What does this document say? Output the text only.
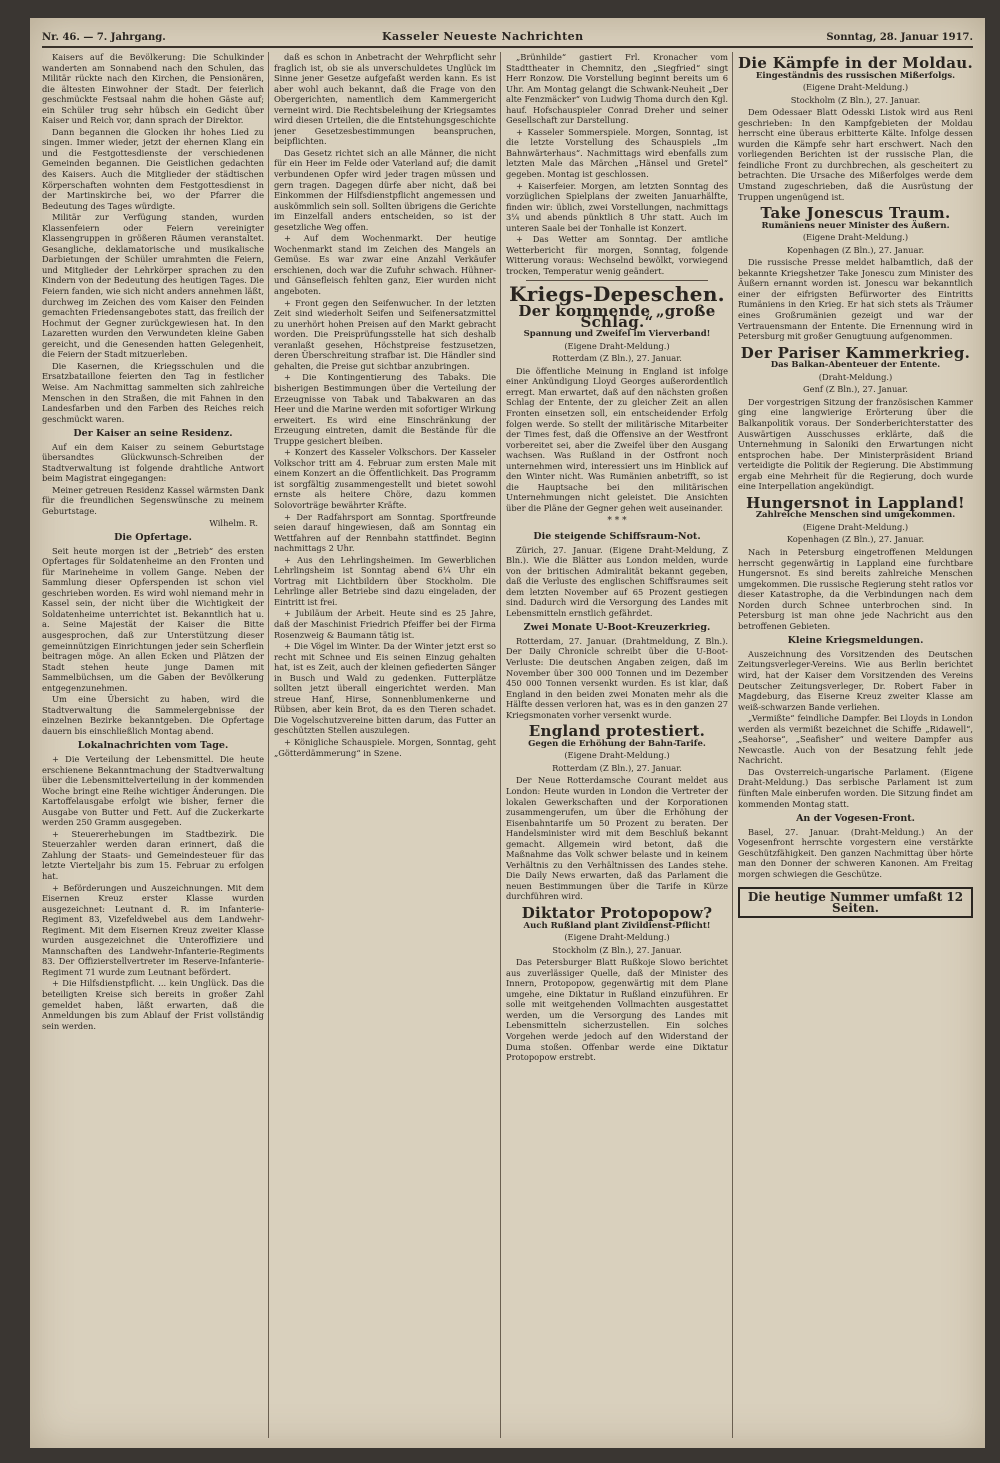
Nr. 46. — 7. Jahrgang.	Kasseler Neueste Nachrichten	Sonntag, 28. Januar 1917.

Kaisers auf die Bevölkerung: Die Schulkinder wanderten am Sonnabend nach den Schulen, das Militär rückte nach den Kirchen, die Pensionären, die ältesten Einwohner der Stadt. Der feierlich geschmückte Festsaal nahm die hohen Gäste auf; ein Schüler trug sehr hübsch ein Gedicht über Kaiser und Reich vor, dann sprach der Direktor.

Dann begannen die Glocken ihr hohes Lied zu singen. Immer wieder, jetzt der ehernen Klang ein und die Festgottesdienste der verschiedenen Gemeinden begannen. Die Geistlichen gedachten des Kaisers. Auch die Mitglieder der städtischen Körperschaften wohnten dem Festgottesdienst in der Martinskirche bei, wo der Pfarrer die Bedeutung des Tages würdigte.

Militär zur Verfügung standen, wurden Klassenfeiern oder Feiern vereinigter Klassengruppen in größeren Räumen veranstaltet. Gesangliche, deklamatorische und musikalische Darbietungen der Schüler umrahmten die Feiern, und Mitglieder der Lehrkörper sprachen zu den Kindern von der Bedeutung des heutigen Tages. Die Feiern fanden, wie sich nicht anders annehmen läßt, durchweg im Zeichen des vom Kaiser den Feinden gemachten Friedensangebotes statt, das freilich der Hochmut der Gegner zurückgewiesen hat. In den Lazaretten wurden den Verwundeten kleine Gaben gereicht, und die Genesenden hatten Gelegenheit, die Feiern der Stadt mitzuerleben.

Die Kasernen, die Kriegsschulen und die Ersatzbataillone feierten den Tag in festlicher Weise. Am Nachmittag sammelten sich zahlreiche Menschen in den Straßen, die mit Fahnen in den Landesfarben und den Farben des Reiches reich geschmückt waren.

Der Kaiser an seine Residenz.

Auf ein dem Kaiser zu seinem Geburtstage übersandtes Glückwunsch-Schreiben der Stadtverwaltung ist folgende drahtliche Antwort beim Magistrat eingegangen:

Meiner getreuen Residenz Kassel wärmsten Dank für die freundlichen Segenswünsche zu meinem Geburtstage.

Wilhelm. R.
Die Opfertage.

Seit heute morgen ist der „Betrieb“ des ersten Opfertages für Soldatenheime an den Fronten und für Marineheime in vollem Gange. Neben der Sammlung dieser Opferspenden ist schon viel geschrieben worden. Es wird wohl niemand mehr in Kassel sein, der nicht über die Wichtigkeit der Soldatenheime unterrichtet ist. Bekanntlich hat u. a. Seine Majestät der Kaiser die Bitte ausgesprochen, daß zur Unterstützung dieser gemeinnützigen Einrichtungen jeder sein Scherflein beitragen möge. An allen Ecken und Plätzen der Stadt stehen heute junge Damen mit Sammelbüchsen, um die Gaben der Bevölkerung entgegenzunehmen.

Um eine Übersicht zu haben, wird die Stadtverwaltung die Sammelergebnisse der einzelnen Bezirke bekanntgeben. Die Opfertage dauern bis einschließlich Montag abend.

Lokalnachrichten vom Tage.

+ Die Verteilung der Lebensmittel. Die heute erschienene Bekanntmachung der Stadtverwaltung über die Lebensmittelverteilung in der kommenden Woche bringt eine Reihe wichtiger Änderungen. Die Kartoffelausgabe erfolgt wie bisher, ferner die Ausgabe von Butter und Fett. Auf die Zuckerkarte werden 250 Gramm ausgegeben.

+ Steuererhebungen im Stadtbezirk. Die Steuerzahler werden daran erinnert, daß die Zahlung der Staats- und Gemeindesteuer für das letzte Vierteljahr bis zum 15. Februar zu erfolgen hat.

+ Beförderungen und Auszeichnungen. Mit dem Eisernen Kreuz erster Klasse wurden ausgezeichnet: Leutnant d. R. im Infanterie-Regiment 83, Vizefeldwebel aus dem Landwehr-Regiment. Mit dem Eisernen Kreuz zweiter Klasse wurden ausgezeichnet die Unteroffiziere und Mannschaften des Landwehr-Infanterie-Regiments 83. Der Offizierstellvertreter im Reserve-Infanterie-Regiment 71 wurde zum Leutnant befördert.

+ Die Hilfsdienstpflicht. ... kein Unglück. Das die beteiligten Kreise sich bereits in großer Zahl gemeldet haben, läßt erwarten, daß die Anmeldungen bis zum Ablauf der Frist vollständig sein werden.

daß es schon in Anbetracht der Wehrpflicht sehr fraglich ist, ob sie als unverschuldetes Unglück im Sinne jener Gesetze aufgefaßt werden kann. Es ist aber wohl auch bekannt, daß die Frage von den Obergerichten, namentlich dem Kammergericht verneint wird. Die Rechtsbeleihung der Kriegsamtes wird diesen Urteilen, die die Entstehungsgeschichte jener Gesetzesbestimmungen beanspruchen, beipflichten.

Das Gesetz richtet sich an alle Männer, die nicht für ein Heer im Felde oder Vaterland auf; die damit verbundenen Opfer wird jeder tragen müssen und gern tragen. Dagegen dürfe aber nicht, daß bei Einkommen der Hilfsdienstpflicht angemessen und auskömmlich sein soll. Sollten übrigens die Gerichte im Einzelfall anders entscheiden, so ist der gesetzliche Weg offen.

+ Auf dem Wochenmarkt. Der heutige Wochenmarkt stand im Zeichen des Mangels an Gemüse. Es war zwar eine Anzahl Verkäufer erschienen, doch war die Zufuhr schwach. Hühner- und Gänsefleisch fehlten ganz, Eier wurden nicht angeboten.

+ Front gegen den Seifenwucher. In der letzten Zeit sind wiederholt Seifen und Seifenersatzmittel zu unerhört hohen Preisen auf den Markt gebracht worden. Die Preisprüfungsstelle hat sich deshalb veranlaßt gesehen, Höchstpreise festzusetzen, deren Überschreitung strafbar ist. Die Händler sind gehalten, die Preise gut sichtbar anzubringen.

+ Die Kontingentierung des Tabaks. Die bisherigen Bestimmungen über die Verteilung der Erzeugnisse von Tabak und Tabakwaren an das Heer und die Marine werden mit sofortiger Wirkung erweitert. Es wird eine Einschränkung der Erzeugung eintreten, damit die Bestände für die Truppe gesichert bleiben.

+ Konzert des Kasseler Volkschors. Der Kasseler Volkschor tritt am 4. Februar zum ersten Male mit einem Konzert an die Öffentlichkeit. Das Programm ist sorgfältig zusammengestellt und bietet sowohl ernste als heitere Chöre, dazu kommen Solovorträge bewährter Kräfte.

+ Der Radfahrsport am Sonntag. Sportfreunde seien darauf hingewiesen, daß am Sonntag ein Wettfahren auf der Rennbahn stattfindet. Beginn nachmittags 2 Uhr.

+ Aus den Lehrlingsheimen. Im Gewerblichen Lehrlingsheim ist Sonntag abend 6¼ Uhr ein Vortrag mit Lichtbildern über Stockholm. Die Lehrlinge aller Betriebe sind dazu eingeladen, der Eintritt ist frei.

+ Jubiläum der Arbeit. Heute sind es 25 Jahre, daß der Maschinist Friedrich Pfeiffer bei der Firma Rosenzweig & Baumann tätig ist.

+ Die Vögel im Winter. Da der Winter jetzt erst so recht mit Schnee und Eis seinen Einzug gehalten hat, ist es Zeit, auch der kleinen gefiederten Sänger in Busch und Wald zu gedenken. Futterplätze sollten jetzt überall eingerichtet werden. Man streue Hanf, Hirse, Sonnenblumenkerne und Rübsen, aber kein Brot, da es den Tieren schadet. Die Vogelschutzvereine bitten darum, das Futter an geschützten Stellen auszulegen.

+ Königliche Schauspiele. Morgen, Sonntag, geht „Götterdämmerung“ in Szene.

„Brünhilde“ gastiert Frl. Kronacher vom Stadttheater in Chemnitz, den „Siegfried“ singt Herr Ronzow. Die Vorstellung beginnt bereits um 6 Uhr. Am Montag gelangt die Schwank-Neuheit „Der alte Fenzmäcker“ von Ludwig Thoma durch den Kgl. hauf. Hofschauspieler Conrad Dreher und seiner Gesellschaft zur Darstellung.

+ Kasseler Sommerspiele. Morgen, Sonntag, ist die letzte Vorstellung des Schauspiels „Im Bahnwärterhaus“. Nachmittags wird ebenfalls zum letzten Male das Märchen „Hänsel und Gretel“ gegeben. Montag ist geschlossen.

+ Kaiserfeier. Morgen, am letzten Sonntag des vorzüglichen Spielplans der zweiten Januarhälfte, finden wir: üblich, zwei Vorstellungen, nachmittags 3¼ und abends pünktlich 8 Uhr statt. Auch im unteren Saale bei der Tonhalle ist Konzert.

+ Das Wetter am Sonntag. Der amtliche Wetterbericht für morgen, Sonntag, folgende Witterung voraus: Wechselnd bewölkt, vorwiegend trocken, Temperatur wenig geändert.

Kriegs-Depeschen.
Der kommende „große Schlag.“
Spannung und Zweifel im Vierverband!
(Eigene Draht-Meldung.)
Rotterdam (Z Bln.), 27. Januar.

Die öffentliche Meinung in England ist infolge einer Ankündigung Lloyd Georges außerordentlich erregt. Man erwartet, daß auf den nächsten großen Schlag der Entente, der zu gleicher Zeit an allen Fronten einsetzen soll, ein entscheidender Erfolg folgen werde. So stellt der militärische Mitarbeiter der Times fest, daß die Offensive an der Westfront vorbereitet sei, aber die Zweifel über den Ausgang wachsen. Was Rußland in der Ostfront noch unternehmen wird, interessiert uns im Hinblick auf den Winter nicht. Was Rumänien anbetrifft, so ist die Hauptsache bei den militärischen Unternehmungen nicht geleistet. Die Ansichten über die Pläne der Gegner gehen weit auseinander.

* * *
Die steigende Schiffsraum-Not.

Zürich, 27. Januar. (Eigene Draht-Meldung, Z Bln.). Wie die Blätter aus London melden, wurde von der britischen Admiralität bekannt gegeben, daß die Verluste des englischen Schiffsraumes seit dem letzten November auf 65 Prozent gestiegen sind. Dadurch wird die Versorgung des Landes mit Lebensmitteln ernstlich gefährdet.

Zwei Monate U-Boot-Kreuzerkrieg.

Rotterdam, 27. Januar. (Drahtmeldung, Z Bln.). Der Daily Chronicle schreibt über die U-Boot-Verluste: Die deutschen Angaben zeigen, daß im November über 300 000 Tonnen und im Dezember 450 000 Tonnen versenkt wurden. Es ist klar, daß England in den beiden zwei Monaten mehr als die Hälfte dessen verloren hat, was es in den ganzen 27 Kriegsmonaten vorher versenkt wurde.

England protestiert.
Gegen die Erhöhung der Bahn-Tarife.
(Eigene Draht-Meldung.)
Rotterdam (Z Bln.), 27. Januar.

Der Neue Rotterdamsche Courant meldet aus London: Heute wurden in London die Vertreter der lokalen Gewerkschaften und der Korporationen zusammengerufen, um über die Erhöhung der Eisenbahntarife um 50 Prozent zu beraten. Der Handelsminister wird mit dem Beschluß bekannt gemacht. Allgemein wird betont, daß die Maßnahme das Volk schwer belaste und in keinem Verhältnis zu den Verhältnissen des Landes stehe. Die Daily News erwarten, daß das Parlament die neuen Bestimmungen über die Tarife in Kürze durchführen wird.

Diktator Protopopow?
Auch Rußland plant Zivildienst-Pflicht!
(Eigene Draht-Meldung.)
Stockholm (Z Bln.), 27. Januar.

Das Petersburger Blatt Rußkoje Slowo berichtet aus zuverlässiger Quelle, daß der Minister des Innern, Protopopow, gegenwärtig mit dem Plane umgehe, eine Diktatur in Rußland einzuführen. Er solle mit weitgehenden Vollmachten ausgestattet werden, um die Versorgung des Landes mit Lebensmitteln sicherzustellen. Ein solches Vorgehen werde jedoch auf den Widerstand der Duma stoßen. Offenbar werde eine Diktatur Protopopow erstrebt.

Die Kämpfe in der Moldau.
Eingeständnis des russischen Mißerfolgs.
(Eigene Draht-Meldung.)
Stockholm (Z Bln.), 27. Januar.

Dem Odessaer Blatt Odesski Listok wird aus Reni geschrieben: In den Kampfgebieten der Moldau herrscht eine überaus erbitterte Kälte. Infolge dessen wurden die Kämpfe sehr hart erschwert. Nach den vorliegenden Berichten ist der russische Plan, die feindliche Front zu durchbrechen, als gescheitert zu betrachten. Die Ursache des Mißerfolges werde dem Umstand zugeschrieben, daß die Ausrüstung der Truppen ungenügend ist.

Take Jonescus Traum.
Rumäniens neuer Minister des Äußern.
(Eigene Draht-Meldung.)
Kopenhagen (Z Bln.), 27. Januar.

Die russische Presse meldet halbamtlich, daß der bekannte Kriegshetzer Take Jonescu zum Minister des Äußern ernannt worden ist. Jonescu war bekanntlich einer der eifrigsten Befürworter des Eintritts Rumäniens in den Krieg. Er hat sich stets als Träumer eines Großrumänien gezeigt und war der Vertrauensmann der Entente. Die Ernennung wird in Petersburg mit großer Genugtuung aufgenommen.

Der Pariser Kammerkrieg.
Das Balkan-Abenteuer der Entente.
(Draht-Meldung.)
Genf (Z Bln.), 27. Januar.

Der vorgestrigen Sitzung der französischen Kammer ging eine langwierige Erörterung über die Balkanpolitik voraus. Der Sonderberichterstatter des Auswärtigen Ausschusses erklärte, daß die Unternehmung in Saloniki den Erwartungen nicht entsprochen habe. Der Ministerpräsident Briand verteidigte die Politik der Regierung. Die Abstimmung ergab eine Mehrheit für die Regierung, doch wurde eine Interpellation angekündigt.

Hungersnot in Lappland!
Zahlreiche Menschen sind umgekommen.
(Eigene Draht-Meldung.)
Kopenhagen (Z Bln.), 27. Januar.

Nach in Petersburg eingetroffenen Meldungen herrscht gegenwärtig in Lappland eine furchtbare Hungersnot. Es sind bereits zahlreiche Menschen umgekommen. Die russische Regierung steht ratlos vor dieser Katastrophe, da die Verbindungen nach dem Norden durch Schnee unterbrochen sind. In Petersburg ist man ohne jede Nachricht aus den betroffenen Gebieten.

Kleine Kriegsmeldungen.

Auszeichnung des Vorsitzenden des Deutschen Zeitungsverleger-Vereins. Wie aus Berlin berichtet wird, hat der Kaiser dem Vorsitzenden des Vereins Deutscher Zeitungsverleger, Dr. Robert Faber in Magdeburg, das Eiserne Kreuz zweiter Klasse am weiß-schwarzen Bande verliehen.

„Vermißte“ feindliche Dampfer. Bei Lloyds in London werden als vermißt bezeichnet die Schiffe „Ridawell“, „Seahorse“, „Seafisher“ und weitere Dampfer aus Newcastle. Auch von der Besatzung fehlt jede Nachricht.

Das Ovsterreich-ungarische Parlament. (Eigene Draht-Meldung.) Das serbische Parlament ist zum fünften Male einberufen worden. Die Sitzung findet am kommenden Montag statt.

An der Vogesen-Front.

Basel, 27. Januar. (Draht-Meldung.) An der Vogesenfront herrschte vorgestern eine verstärkte Geschützfähigkeit. Den ganzen Nachmittag über hörte man den Donner der schweren Kanonen. Am Freitag morgen schwiegen die Geschütze.

Die heutige Nummer umfaßt 12 Seiten.
